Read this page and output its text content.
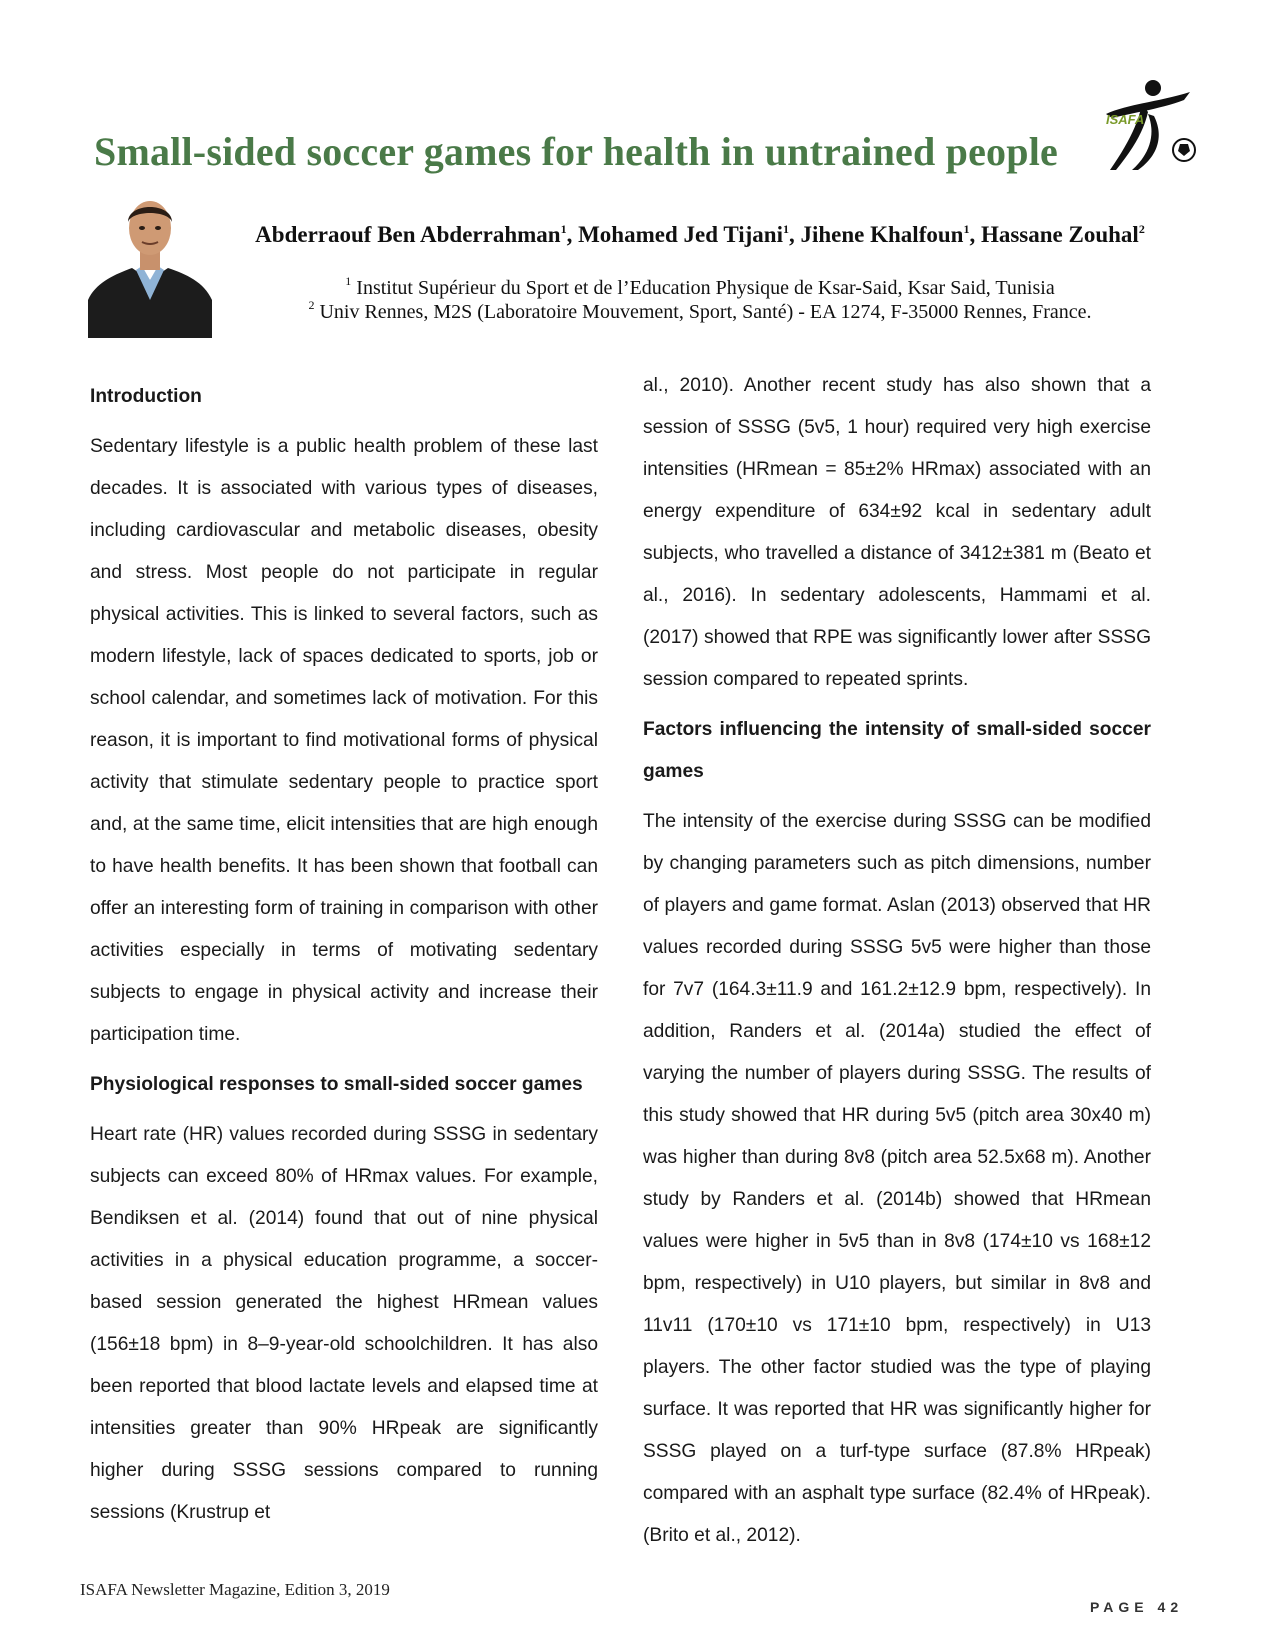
Small-sided soccer games for health in untrained people
ISAFA
Abderraouf Ben Abderrahman$^1$, Mohamed Jed Tijani$^1$, Jihene Khalfoun$^1$, Hassane Zouhal$^2$
$^1$ Institut Supérieur du Sport et de l’Education Physique de Ksar-Said, Ksar Said, Tunisia
$^2$ Univ Rennes, M2S (Laboratoire Mouvement, Sport, Santé) - EA 1274, F-35000 Rennes, France.
Introduction

Sedentary lifestyle is a public health problem of these last decades. It is associated with various types of diseases, including cardiovascular and metabolic diseases, obesity and stress. Most people do not participate in regular physical activities. This is linked to several factors, such as modern lifestyle, lack of spaces dedicated to sports, job or school calendar, and sometimes lack of motivation. For this reason, it is important to find motivational forms of physical activity that stimulate sedentary people to practice sport and, at the same time, elicit intensities that are high enough to have health benefits. It has been shown that football can offer an interesting form of training in comparison with other activities especially in terms of motivating sedentary subjects to engage in physical activity and increase their participation time.

Physiological responses to small-sided soccer games

Heart rate (HR) values recorded during SSSG in sedentary subjects can exceed 80% of HRmax values. For example, Bendiksen et al. (2014) found that out of nine physical activities in a physical education programme, a soccer-based session generated the highest HRmean values (156±18 bpm) in 8–9-year-old schoolchildren. It has also been reported that blood lactate levels and elapsed time at intensities greater than 90% HRpeak are significantly higher during SSSG sessions compared to running sessions (Krustrup et

al., 2010). Another recent study has also shown that a session of SSSG (5v5, 1 hour) required very high exercise intensities (HRmean = 85±2% HRmax) associated with an energy expenditure of 634±92 kcal in sedentary adult subjects, who travelled a distance of 3412±381 m (Beato et al., 2016). In sedentary adolescents, Hammami et al. (2017) showed that RPE was significantly lower after SSSG session compared to repeated sprints.

Factors influencing the intensity of small-sided soccer games

The intensity of the exercise during SSSG can be modified by changing parameters such as pitch dimensions, number of players and game format. Aslan (2013) observed that HR values recorded during SSSG 5v5 were higher than those for 7v7 (164.3±11.9 and 161.2±12.9 bpm, respectively). In addition, Randers et al. (2014a) studied the effect of varying the number of players during SSSG. The results of this study showed that HR during 5v5 (pitch area 30x40 m) was higher than during 8v8 (pitch area 52.5x68 m). Another study by Randers et al. (2014b) showed that HRmean values were higher in 5v5 than in 8v8 (174±10 vs 168±12 bpm, respectively) in U10 players, but similar in 8v8 and 11v11 (170±10 vs 171±10 bpm, respectively) in U13 players. The other factor studied was the type of playing surface. It was reported that HR was significantly higher for SSSG played on a turf-type surface (87.8% HRpeak) compared with an asphalt type surface (82.4% of HRpeak). (Brito et al., 2012).

ISAFA Newsletter Magazine, Edition 3, 2019
PAGE 42
